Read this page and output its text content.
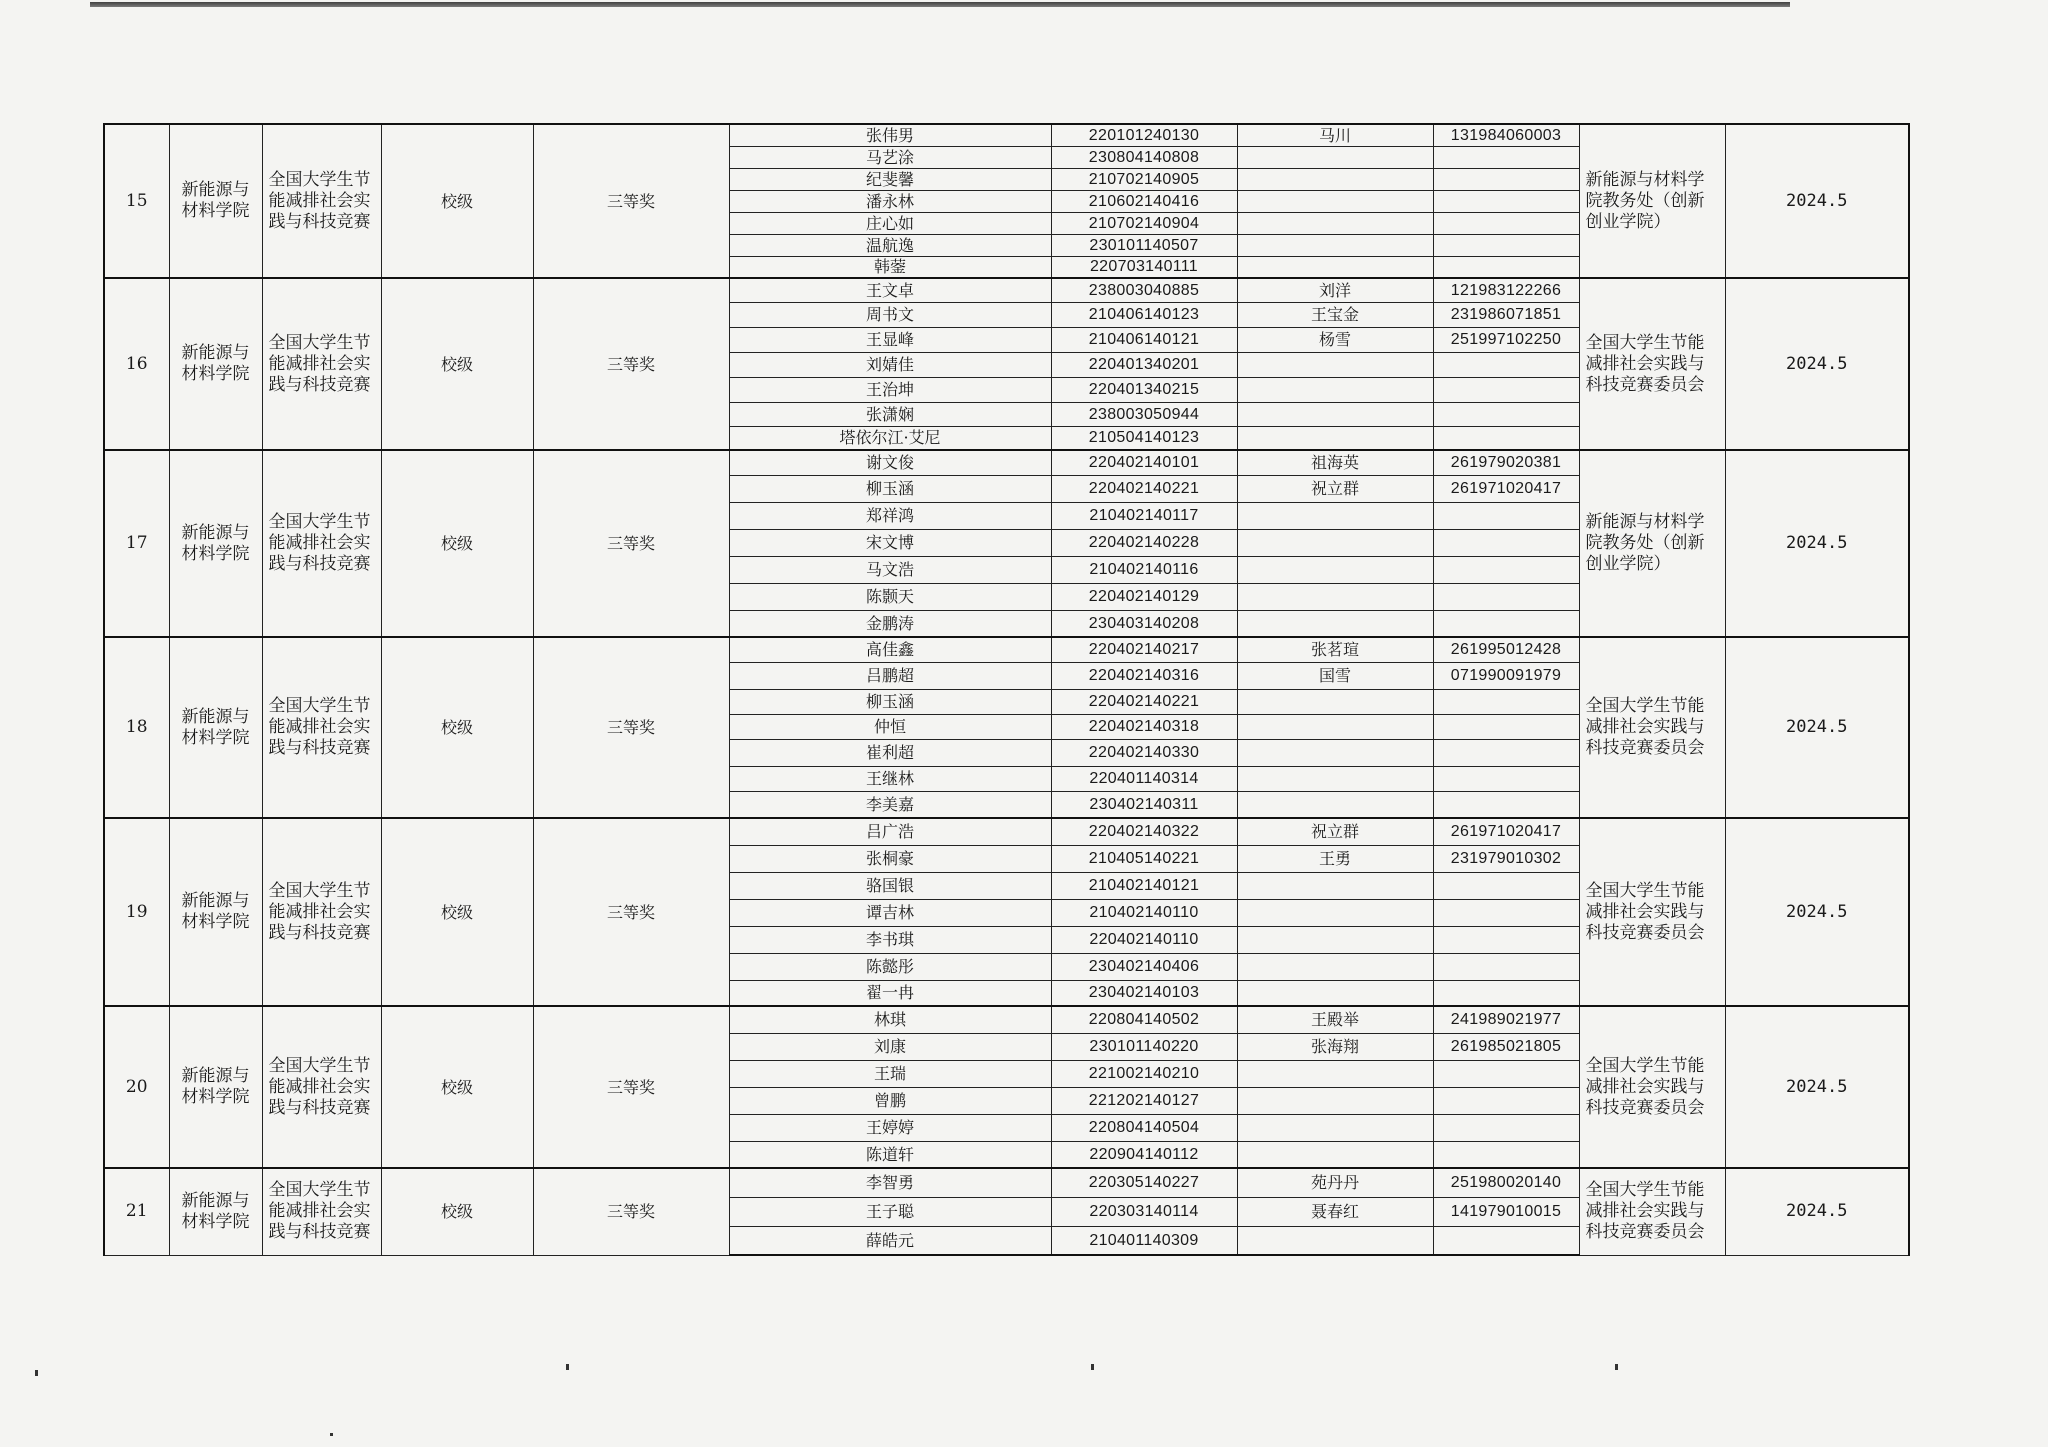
15	新能源与材料学院	全国大学生节能减排社会实践与科技竞赛	校级	三等奖	张伟男	220101240130	马川	131984060003	新能源与材料学院教务处（创新创业学院）	2024.5
					马艺涂	230804140808				
					纪斐馨	210702140905				
					潘永林	210602140416				
					庄心如	210702140904				
					温航逸	230101140507				
					韩蓥	220703140111				
16	新能源与材料学院	全国大学生节能减排社会实践与科技竞赛	校级	三等奖	王文卓	238003040885	刘洋	121983122266	全国大学生节能减排社会实践与科技竞赛委员会	2024.5
					周书文	210406140123	王宝金	231986071851		
					王显峰	210406140121	杨雪	251997102250		
					刘婧佳	220401340201				
					王治坤	220401340215				
					张潇娴	238003050944				
					塔依尔江·艾尼	210504140123				
17	新能源与材料学院	全国大学生节能减排社会实践与科技竞赛	校级	三等奖	谢文俊	220402140101	祖海英	261979020381	新能源与材料学院教务处（创新创业学院）	2024.5
					柳玉涵	220402140221	祝立群	261971020417		
					郑祥鸿	210402140117				
					宋文博	220402140228				
					马文浩	210402140116				
					陈颢天	220402140129				
					金鹏涛	230403140208				
18	新能源与材料学院	全国大学生节能减排社会实践与科技竞赛	校级	三等奖	高佳鑫	220402140217	张茗瑄	261995012428	全国大学生节能减排社会实践与科技竞赛委员会	2024.5
					吕鹏超	220402140316	国雪	071990091979		
					柳玉涵	220402140221				
					仲恒	220402140318				
					崔利超	220402140330				
					王继林	220401140314				
					李美嘉	230402140311				
19	新能源与材料学院	全国大学生节能减排社会实践与科技竞赛	校级	三等奖	吕广浩	220402140322	祝立群	261971020417	全国大学生节能减排社会实践与科技竞赛委员会	2024.5
					张桐豪	210405140221	王勇	231979010302		
					骆国银	210402140121				
					谭吉林	210402140110				
					李书琪	220402140110				
					陈懿彤	230402140406				
					翟一冉	230402140103				
20	新能源与材料学院	全国大学生节能减排社会实践与科技竞赛	校级	三等奖	林琪	220804140502	王殿举	241989021977	全国大学生节能减排社会实践与科技竞赛委员会	2024.5
					刘康	230101140220	张海翔	261985021805		
					王瑞	221002140210				
					曾鹏	221202140127				
					王婷婷	220804140504				
					陈道轩	220904140112				
21	新能源与材料学院	全国大学生节能减排社会实践与科技竞赛	校级	三等奖	李智勇	220305140227	苑丹丹	251980020140	全国大学生节能减排社会实践与科技竞赛委员会	2024.5
					王子聪	220303140114	聂春红	141979010015		
					薛皓元	210401140309				
